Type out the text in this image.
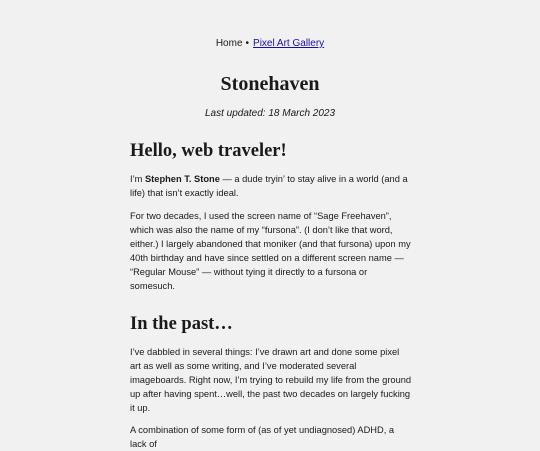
Home • Pixel Art Gallery
Stonehaven
Last updated: 18 March 2023
Hello, web traveler!

I’m Stephen T. Stone — a dude tryin’ to stay alive in a world (and a life) that isn’t exactly ideal.

For two decades, I used the screen name of “Sage Freehaven”, which was also the name of my “fursona”. (I don’t like that word, either.) I largely abandoned that moniker (and that fursona) upon my 40th birthday and have since settled on a different screen name — “Regular Mouse” — without tying it directly to a fursona or somesuch.

In the past…

I’ve dabbled in several things: I’ve drawn art and done some pixel art as well as some writing, and I’ve moderated several imageboards. Right now, I’m trying to rebuild my life from the ground up after having spent…well, the past two decades on largely fucking it up.

A combination of some form of (as of yet undiagnosed) ADHD, a lack of
